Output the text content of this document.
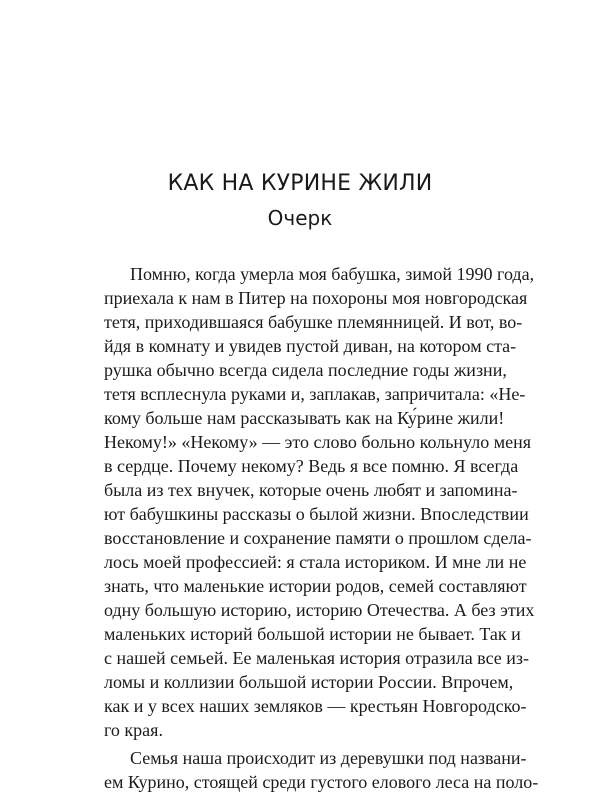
КАК НА КУРИНЕ ЖИЛИ
Очерк
Помню, когда умерла моя бабушка, зимой 1990 года,
приехала к нам в Питер на похороны моя новгородская
тетя, приходившаяся бабушке племянницей. И вот, во-
йдя в комнату и увидев пустой диван, на котором ста-
рушка обычно всегда сидела последние годы жизни,
тетя всплеснула руками и, заплакав, запричитала: «Не-
кому больше нам рассказывать как на Ку́рине жили!
Некому!» «Некому» — это слово больно кольнуло меня
в сердце. Почему некому? Ведь я все помню. Я всегда
была из тех внучек, которые очень любят и запомина-
ют бабушкины рассказы о былой жизни. Впоследствии
восстановление и сохранение памяти о прошлом сдела-
лось моей профессией: я стала историком. И мне ли не
знать, что маленькие истории родов, семей составляют
одну большую историю, историю Отечества. А без этих
маленьких историй большой истории не бывает. Так и
с нашей семьей. Ее маленькая история отразила все из-
ломы и коллизии большой истории России. Впрочем,
как и у всех наших земляков — крестьян Новгородско-
го края.
Семья наша происходит из деревушки под названи-
ем Курино, стоящей среди густого елового леса на поло-
